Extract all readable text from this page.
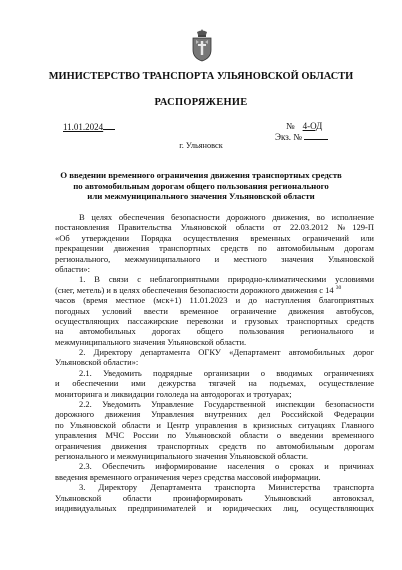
МИНИСТЕРСТВО ТРАНСПОРТА УЛЬЯНОВСКОЙ ОБЛАСТИ
РАСПОРЯЖЕНИЕ
11.01.2024	№ 4-ОД
Экз. №
г. Ульяновск
О введении временного ограничения движения транспортных средств
по автомобильным дорогам общего пользования регионального
или межмуниципального значения Ульяновской области
В целях обеспечения безопасности дорожного движения, во исполнение
постановления Правительства Ульяновской области от 22.03.2012 №129-П
«Об утверждении Порядка осуществления временных ограничений или
прекращении движения транспортных средств по автомобильным дорогам
регионального, межмуниципального и местного значения Ульяновской
области»:
1. В связи с неблагоприятными природно-климатическими условиями
(снег, метель) и в целях обеспечения безопасности дорожного движения с 14 $^{30}$
часов (время местное (мск+1) 11.01.2023 и до наступления благоприятных
погодных условий ввести временное ограничение движения автобусов,
осуществляющих пассажирские перевозки и грузовых транспортных средств
на автомобильных дорогах общего пользования регионального и
межмуниципального значения Ульяновской области.
2. Директору департамента ОГКУ «Департамент автомобильных дорог
Ульяновской области»:
2.1. Уведомить подрядные организации о вводимых ограничениях
и обеспечении ими дежурства тягачей на подъемах, осуществление
мониторинга и ликвидации гололеда на автодорогах и тротуарах;
2.2. Уведомить Управление Государственной инспекции безопасности
дорожного движения Управления внутренних дел Российской Федерации
по Ульяновской области и Центр управления в кризисных ситуациях Главного
управления МЧС России по Ульяновской области о введении временного
ограничения движения транспортных средств по автомобильным дорогам
регионального и межмуниципального значения Ульяновской области.
2.3. Обеспечить информирование населения о сроках и причинах
введения временного ограничения через средства массовой информации.
3. Директору Департамента транспорта Министерства транспорта
Ульяновской области проинформировать Ульяновский автовокзал,
индивидуальных предпринимателей и юридических лиц, осуществляющих
